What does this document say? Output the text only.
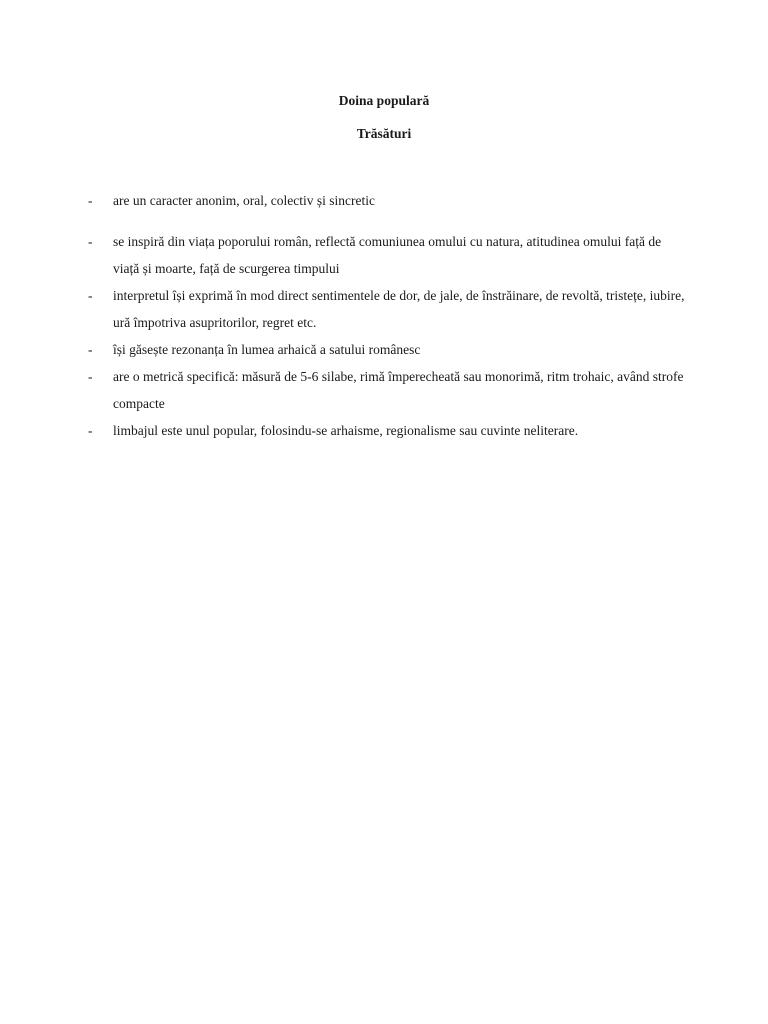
Doina populară
Trăsături
- are un caracter anonim, oral, colectiv și sincretic
- se inspiră din viața poporului român, reflectă comuniunea omului cu natura, atitudinea omului față de viață și moarte, față de scurgerea timpului
- interpretul își exprimă în mod direct sentimentele de dor, de jale, de înstrăinare, de revoltă, tristețe, iubire, ură împotriva asupritorilor, regret etc.
- își găsește rezonanța în lumea arhaică a satului românesc
- are o metrică specifică: măsură de 5-6 silabe, rimă împerecheată sau monorimă, ritm trohaic, având strofe compacte
- limbajul este unul popular, folosindu-se arhaisme, regionalisme sau cuvinte neliterare.
